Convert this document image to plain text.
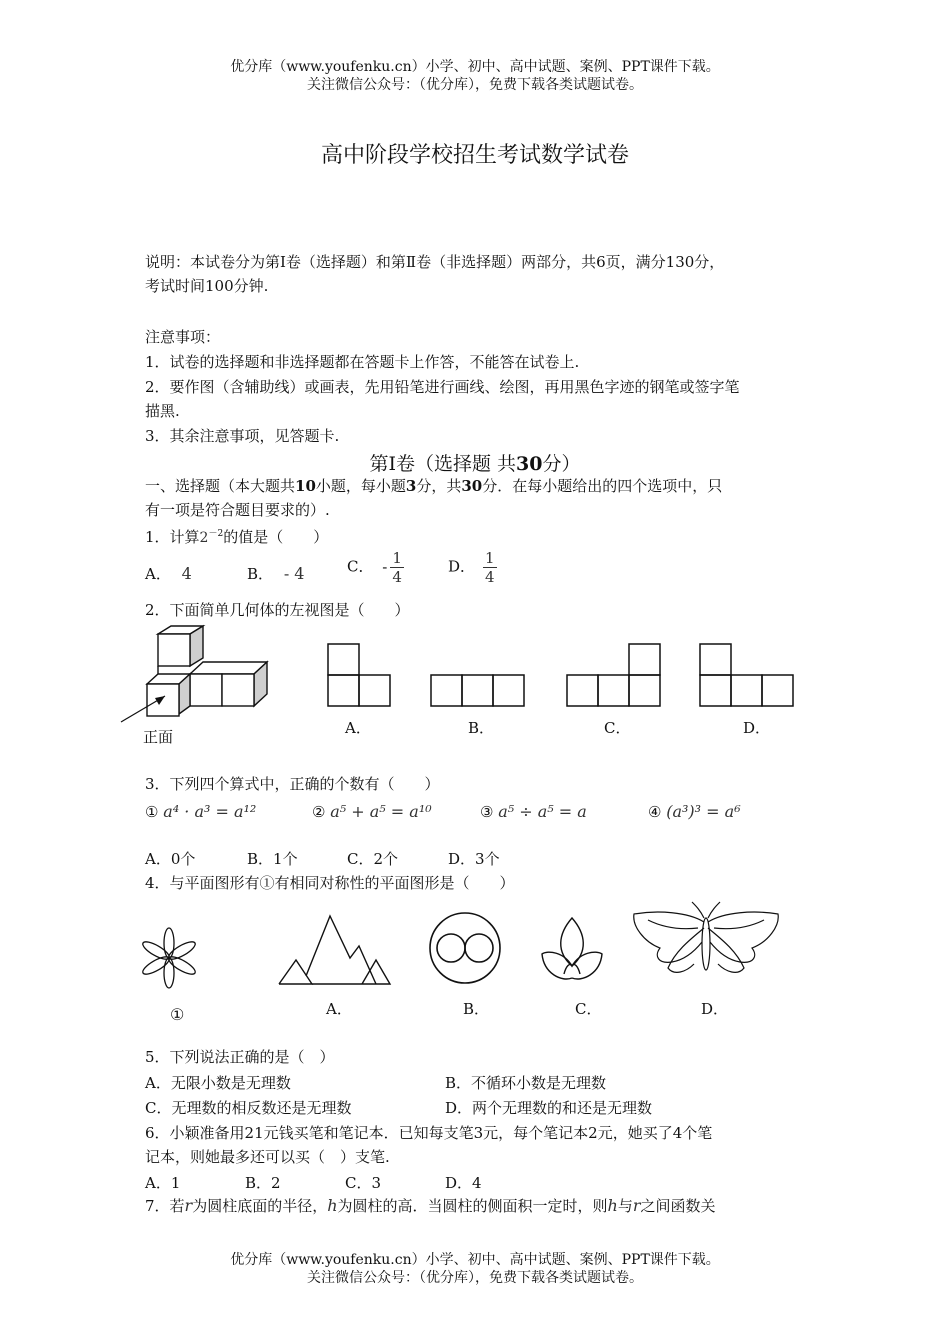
优分库（www.youfenku.cn）小学、初中、高中试题、案例、PPT课件下载。
关注微信公众号：（优分库），免费下载各类试题试卷。
高中阶段学校招生考试数学试卷
说明：本试卷分为第Ⅰ卷（选择题）和第Ⅱ卷（非选择题）两部分，共6页，满分130分，
考试时间100分钟.
注意事项：
1．试卷的选择题和非选择题都在答题卡上作答，不能答在试卷上.
2．要作图（含辅助线）或画表，先用铅笔进行画线、绘图，再用黑色字迹的钢笔或签字笔
描黑.
3．其余注意事项，见答题卡.
第Ⅰ卷（选择题 共30分）
一、选择题（本大题共10小题，每小题3分，共30分．在每小题给出的四个选项中，只
有一项是符合题目要求的）.
1．计算$2^{-2}$的值是（　　）
A． 4	B． - 4	C． - $\frac{1}{4}$	D． $\frac{1}{4}$
2．下面简单几何体的左视图是（　　）
正面	A．	B．	C．	D．
3．下列四个算式中，正确的个数有（　　）
① a⁴ · a³ = a¹²	② a⁵ + a⁵ = a¹⁰	③ a⁵ ÷ a⁵ = a	④ (a³)³ = a⁶
A．0个	B．1个	C．2个	D．3个
4．与平面图形有①有相同对称性的平面图形是（　　）
①	A．	B．	C．	D．
5．下列说法正确的是（　）
A．无限小数是无理数	B．不循环小数是无理数
C．无理数的相反数还是无理数	D．两个无理数的和还是无理数
6．小颖准备用21元钱买笔和笔记本．已知每支笔3元，每个笔记本2元，她买了4个笔
记本，则她最多还可以买（　）支笔.
A．1	B．2	C．3	D．4
7．若r为圆柱底面的半径，h为圆柱的高．当圆柱的侧面积一定时，则h与r之间函数关
优分库（www.youfenku.cn）小学、初中、高中试题、案例、PPT课件下载。
关注微信公众号：（优分库），免费下载各类试题试卷。
